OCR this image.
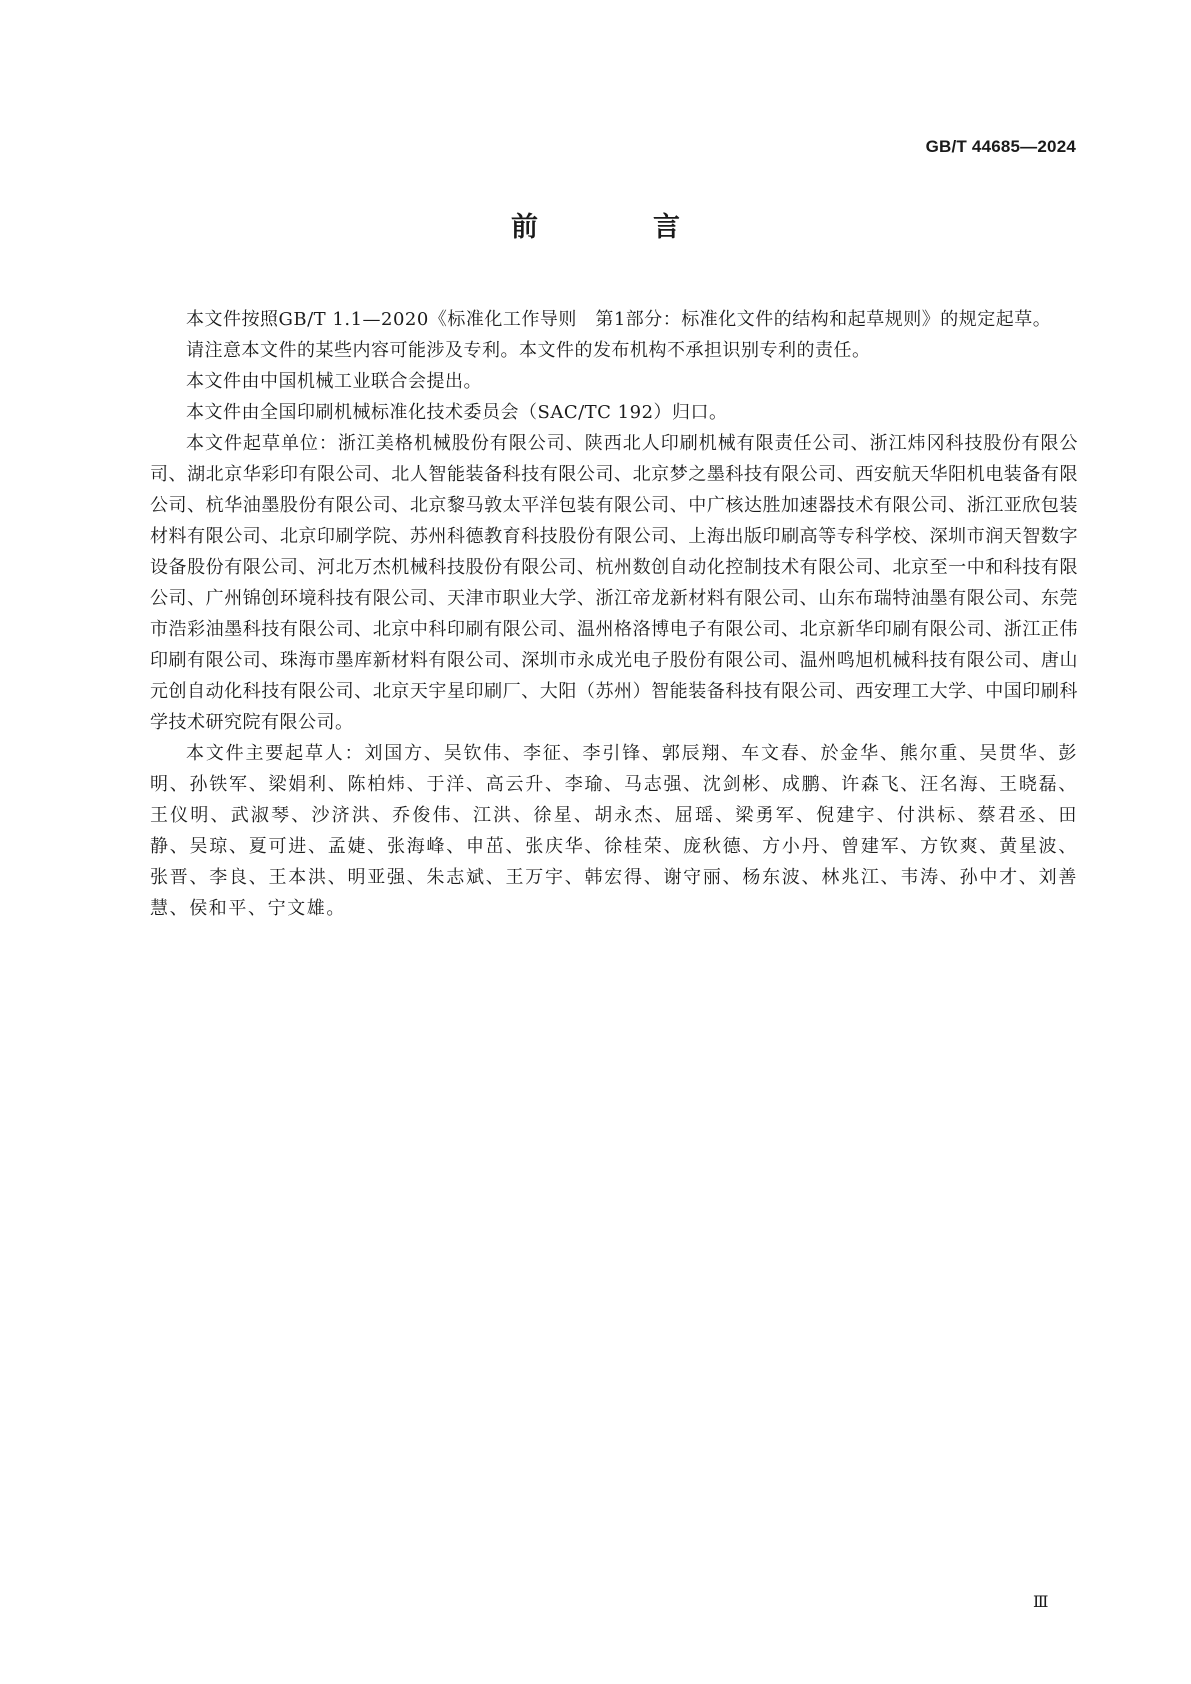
GB/T 44685—2024
前　言

本文件按照GB/T 1.1—2020《标准化工作导则　第1部分：标准化文件的结构和起草规则》的规定起草。

请注意本文件的某些内容可能涉及专利。本文件的发布机构不承担识别专利的责任。

本文件由中国机械工业联合会提出。

本文件由全国印刷机械标准化技术委员会（SAC/TC 192）归口。

本文件起草单位：浙江美格机械股份有限公司、陕西北人印刷机械有限责任公司、浙江炜冈科技股份有限公司、湖北京华彩印有限公司、北人智能装备科技有限公司、北京梦之墨科技有限公司、西安航天华阳机电装备有限公司、杭华油墨股份有限公司、北京黎马敦太平洋包装有限公司、中广核达胜加速器技术有限公司、浙江亚欣包装材料有限公司、北京印刷学院、苏州科德教育科技股份有限公司、上海出版印刷高等专科学校、深圳市润天智数字设备股份有限公司、河北万杰机械科技股份有限公司、杭州数创自动化控制技术有限公司、北京至一中和科技有限公司、广州锦创环境科技有限公司、天津市职业大学、浙江帝龙新材料有限公司、山东布瑞特油墨有限公司、东莞市浩彩油墨科技有限公司、北京中科印刷有限公司、温州格洛博电子有限公司、北京新华印刷有限公司、浙江正伟印刷有限公司、珠海市墨库新材料有限公司、深圳市永成光电子股份有限公司、温州鸣旭机械科技有限公司、唐山元创自动化科技有限公司、北京天宇星印刷厂、大阳（苏州）智能装备科技有限公司、西安理工大学、中国印刷科学技术研究院有限公司。

本文件主要起草人：刘国方、吴钦伟、李征、李引锋、郭辰翔、车文春、於金华、熊尔重、吴贯华、彭明、孙铁军、梁娟利、陈柏炜、于洋、高云升、李瑜、马志强、沈剑彬、成鹏、许森飞、汪名海、王晓磊、王仪明、武淑琴、沙济洪、乔俊伟、江洪、徐星、胡永杰、屈瑶、梁勇军、倪建宇、付洪标、蔡君丞、田静、吴琼、夏可进、孟婕、张海峰、申茁、张庆华、徐桂荣、庞秋德、方小丹、曾建军、方钦爽、黄星波、张晋、李良、王本洪、明亚强、朱志斌、王万宇、韩宏得、谢守丽、杨东波、林兆江、韦涛、孙中才、刘善慧、侯和平、宁文雄。

Ⅲ
